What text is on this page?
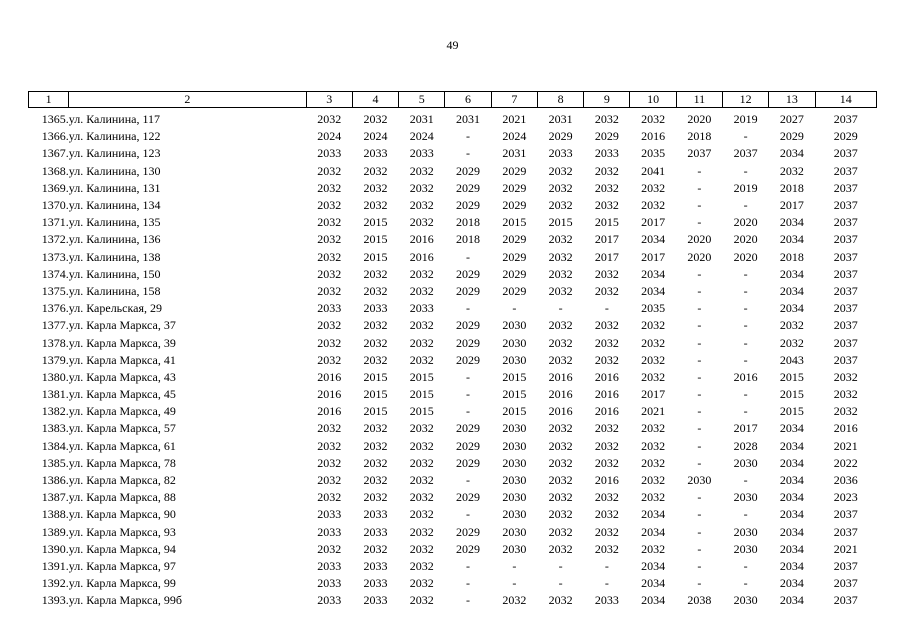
49
1	2	3	4	5	6	7	8	9	10	11	12	13	14
1365.	ул. Калинина, 117	2032	2032	2031	2031	2021	2031	2032	2032	2020	2019	2027	2037
1366.	ул. Калинина, 122	2024	2024	2024	-	2024	2029	2029	2016	2018	-	2029	2029
1367.	ул. Калинина, 123	2033	2033	2033	-	2031	2033	2033	2035	2037	2037	2034	2037
1368.	ул. Калинина, 130	2032	2032	2032	2029	2029	2032	2032	2041	-	-	2032	2037
1369.	ул. Калинина, 131	2032	2032	2032	2029	2029	2032	2032	2032	-	2019	2018	2037
1370.	ул. Калинина, 134	2032	2032	2032	2029	2029	2032	2032	2032	-	-	2017	2037
1371.	ул. Калинина, 135	2032	2015	2032	2018	2015	2015	2015	2017	-	2020	2034	2037
1372.	ул. Калинина, 136	2032	2015	2016	2018	2029	2032	2017	2034	2020	2020	2034	2037
1373.	ул. Калинина, 138	2032	2015	2016	-	2029	2032	2017	2017	2020	2020	2018	2037
1374.	ул. Калинина, 150	2032	2032	2032	2029	2029	2032	2032	2034	-	-	2034	2037
1375.	ул. Калинина, 158	2032	2032	2032	2029	2029	2032	2032	2034	-	-	2034	2037
1376.	ул. Карельская, 29	2033	2033	2033	-	-	-	-	2035	-	-	2034	2037
1377.	ул. Карла Маркса, 37	2032	2032	2032	2029	2030	2032	2032	2032	-	-	2032	2037
1378.	ул. Карла Маркса, 39	2032	2032	2032	2029	2030	2032	2032	2032	-	-	2032	2037
1379.	ул. Карла Маркса, 41	2032	2032	2032	2029	2030	2032	2032	2032	-	-	2043	2037
1380.	ул. Карла Маркса, 43	2016	2015	2015	-	2015	2016	2016	2032	-	2016	2015	2032
1381.	ул. Карла Маркса, 45	2016	2015	2015	-	2015	2016	2016	2017	-	-	2015	2032
1382.	ул. Карла Маркса, 49	2016	2015	2015	-	2015	2016	2016	2021	-	-	2015	2032
1383.	ул. Карла Маркса, 57	2032	2032	2032	2029	2030	2032	2032	2032	-	2017	2034	2016
1384.	ул. Карла Маркса, 61	2032	2032	2032	2029	2030	2032	2032	2032	-	2028	2034	2021
1385.	ул. Карла Маркса, 78	2032	2032	2032	2029	2030	2032	2032	2032	-	2030	2034	2022
1386.	ул. Карла Маркса, 82	2032	2032	2032	-	2030	2032	2016	2032	2030	-	2034	2036
1387.	ул. Карла Маркса, 88	2032	2032	2032	2029	2030	2032	2032	2032	-	2030	2034	2023
1388.	ул. Карла Маркса, 90	2033	2033	2032	-	2030	2032	2032	2034	-	-	2034	2037
1389.	ул. Карла Маркса, 93	2033	2033	2032	2029	2030	2032	2032	2034	-	2030	2034	2037
1390.	ул. Карла Маркса, 94	2032	2032	2032	2029	2030	2032	2032	2032	-	2030	2034	2021
1391.	ул. Карла Маркса, 97	2033	2033	2032	-	-	-	-	2034	-	-	2034	2037
1392.	ул. Карла Маркса, 99	2033	2033	2032	-	-	-	-	2034	-	-	2034	2037
1393.	ул. Карла Маркса, 99б	2033	2033	2032	-	2032	2032	2033	2034	2038	2030	2034	2037
